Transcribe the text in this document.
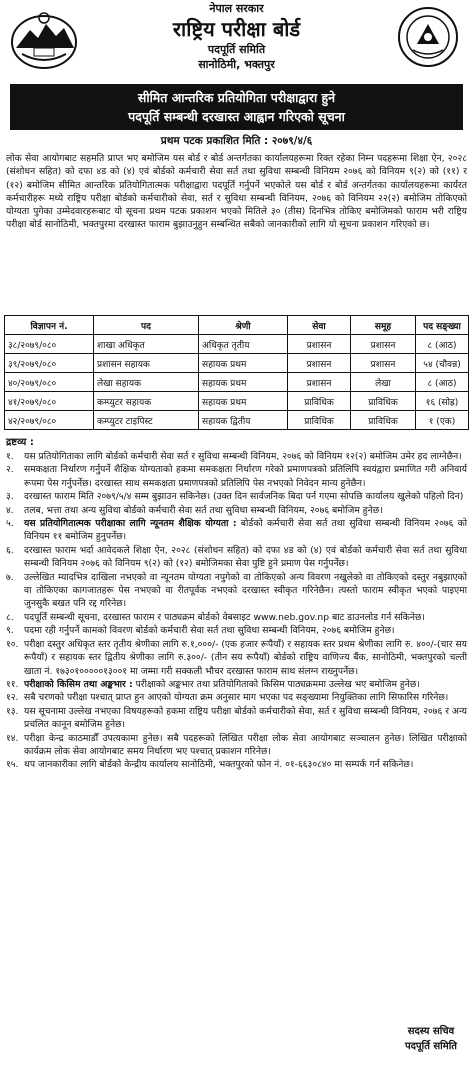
नेपाल सरकार
राष्ट्रिय परीक्षा बोर्ड
पदपूर्ति समिति
सानोठिमी, भक्तपुर
सीमित आन्तरिक प्रतियोगिता परीक्षाद्वारा हुने
पदपूर्ति सम्बन्धी दरखास्त आह्वान गरिएको सूचना
प्रथम पटक प्रकाशित मिति : २०७९/४/६
लोक सेवा आयोगबाट सहमति प्राप्त भए बमोजिम यस बोर्ड र बोर्ड अन्तर्गतका कार्यालयहरूमा रिक्त रहेका निम्न पदहरूमा शिक्षा ऐन, २०२८ (संशोधन सहित) को दफा ४ड को (४) एवं बोर्डको कर्मचारी सेवा सर्त तथा सुविधा सम्बन्धी विनियम २०७६ को विनियम ९(२) को (११) र (१२) बमोजिम सीमित आन्तरिक प्रतियोगितात्मक परीक्षाद्वारा पदपूर्ति गर्नुपर्ने भएकोले यस बोर्ड र बोर्ड अन्तर्गतका कार्यालयहरूमा कार्यरत कर्मचारीहरू मध्ये राष्ट्रिय परीक्षा बोर्डको कर्मचारीको सेवा, सर्त र सुविधा सम्बन्धी विनियम, २०७६ को विनियम २२(२) बमोजिम तोकिएको योग्यता पुगेका उम्मेदवारहरूबाट यो सूचना प्रथम पटक प्रकाशन भएको मितिले ३० (तीस) दिनभित्र तोकिए बमोजिमको फाराम भरी राष्ट्रिय परीक्षा बोर्ड सानोठिमी, भक्तपुरमा दरखास्त फाराम बुझाउनुहुन सम्बन्धित सबैको जानकारीको लागि यो सूचना प्रकाशन गरिएको छ।
विज्ञापन नं.	पद	श्रेणी	सेवा	समूह	पद सङ्ख्या
३८/२०७९/०८०	शाखा अधिकृत	अधिकृत तृतीय	प्रशासन	प्रशासन	८ (आठ)
३९/२०७९/०८०	प्रशासन सहायक	सहायक प्रथम	प्रशासन	प्रशासन	५४ (चौवन्न)
४०/२०७९/०८०	लेखा सहायक	सहायक प्रथम	प्रशासन	लेखा	८ (आठ)
४१/२०७९/०८०	कम्प्युटर सहायक	सहायक प्रथम	प्राविधिक	प्राविधिक	१६ (सोह्र)
४२/२०७९/०८०	कम्प्युटर टाइपिस्ट	सहायक द्वितीय	प्राविधिक	प्राविधिक	१ (एक)
द्रष्टव्य :
१.	यस प्रतियोगिताका लागि बोर्डको कर्मचारी सेवा सर्त र सुविधा सम्बन्धी विनियम, २०७६ को विनियम १२(२) बमोजिम उमेर हद लाग्नेछैन।
२.	समकक्षता निर्धारण गर्नुपर्ने शैक्षिक योग्यताको हकमा समकक्षता निर्धारण गरेको प्रमाणपत्रको प्रतिलिपि स्वयंद्वारा प्रमाणित गरी अनिवार्य रूपमा पेस गर्नुपर्नेछ। दरखास्त साथ समकक्षता प्रमाणपत्रको प्रतिलिपि पेस नभएको निवेदन मान्य हुनेछैन।
३.	दरखास्त फाराम मिति २०७९/५/४ सम्म बुझाउन सकिनेछ। (उक्त दिन सार्वजनिक बिदा पर्न गएमा सोपछि कार्यालय खुलेको पहिलो दिन)
४.	तलब, भत्ता तथा अन्य सुविधा बोर्डको कर्मचारी सेवा सर्त तथा सुविधा सम्बन्धी विनियम, २०७६ बमोजिम हुनेछ।
५.	यस प्रतियोगितात्मक परीक्षाका लागि न्यूनतम शैक्षिक योग्यता : बोर्डको कर्मचारी सेवा सर्त तथा सुविधा सम्बन्धी विनियम २०७६ को विनियम ११ बमोजिम हुनुपर्नेछ।
६.	दरखास्त फाराम भर्दा आवेदकले शिक्षा ऐन, २०२८ (संशोधन सहित) को दफा ४ड को (४) एवं बोर्डको कर्मचारी सेवा सर्त तथा सुविधा सम्बन्धी विनियम २०७६ को विनियम ९(२) को (१२) बमोजिमका सेवा पुष्टि हुने प्रमाण पेस गर्नुपर्नेछ।
७.	उल्लेखित म्यादभित्र दाखिला नभएको वा न्यूनतम योग्यता नपुगेको वा तोकिएको अन्य विवरण नखुलेको वा तोकिएको दस्तुर नबुझाएको वा तोकिएका कागजातहरू पेस नभएको वा रीतपूर्वक नभएको दरखास्त स्वीकृत गरिनेछैन। त्यस्तो फाराम स्वीकृत भएको पाइएमा जुनसुकै बखत पनि रद्द गरिनेछ।
८.	पदपूर्ति सम्बन्धी सूचना, दरखास्त फाराम र पाठ्यक्रम बोर्डको वेबसाइट www.neb.gov.np बाट डाउनलोड गर्न सकिनेछ।
९.	पदमा रही गर्नुपर्ने कामको विवरण बोर्डको कर्मचारी सेवा सर्त तथा सुविधा सम्बन्धी विनियम, २०७६ बमोजिम हुनेछ।
१०. परीक्षा दस्तुर अधिकृत स्तर तृतीय श्रेणीका लागि रु.१,०००/- (एक हजार रूपैयाँ) र सहायक स्तर प्रथम श्रेणीका लागि रु. ४००/-(चार सय रूपैयाँ) र सहायक स्तर द्वितीय श्रेणीका लागि रु.३००/- (तीन सय रूपैयाँ) बोर्डको राष्ट्रिय वाणिज्य बैंक, सानोठिमी, भक्तपुरको चल्ती खाता नं. १७३०१०००००१३००१ मा जम्मा गरी सक्कली भौचर दरखास्त फाराम साथ संलग्न राख्नुपर्नेछ।
११. परीक्षाको किसिम तथा अङ्कभार : परीक्षाको अङ्कभार तथा प्रतियोगिताको किसिम पाठ्यक्रममा उल्लेख भए बमोजिम हुनेछ।
१२. सबै चरणको परीक्षा पश्चात् प्राप्त हुन आएको योग्यता क्रम अनुसार माग भएका पद सङ्ख्यामा नियुक्तिका लागि सिफारिस गरिनेछ।
१३. यस सूचनामा उल्लेख नभएका विषयहरूको हकमा राष्ट्रिय परीक्षा बोर्डको कर्मचारीको सेवा, सर्त र सुविधा सम्बन्धी विनियम, २०७६ र अन्य प्रचलित कानून बमोजिम हुनेछ।
१४. परीक्षा केन्द्र काठमाडौँ उपत्यकामा हुनेछ। सबै पदहरूको लिखित परीक्षा लोक सेवा आयोगबाट सञ्चालन हुनेछ। लिखित परीक्षाको कार्यक्रम लोक सेवा आयोगबाट समय निर्धारण भए पश्चात् प्रकाशन गरिनेछ।
१५. थप जानकारीका लागि बोर्डको केन्द्रीय कार्यालय सानोठिमी, भक्तपुरको फोन नं. ०१-६६३०८४० मा सम्पर्क गर्न सकिनेछ।
सदस्य सचिव
पदपूर्ति समिति
